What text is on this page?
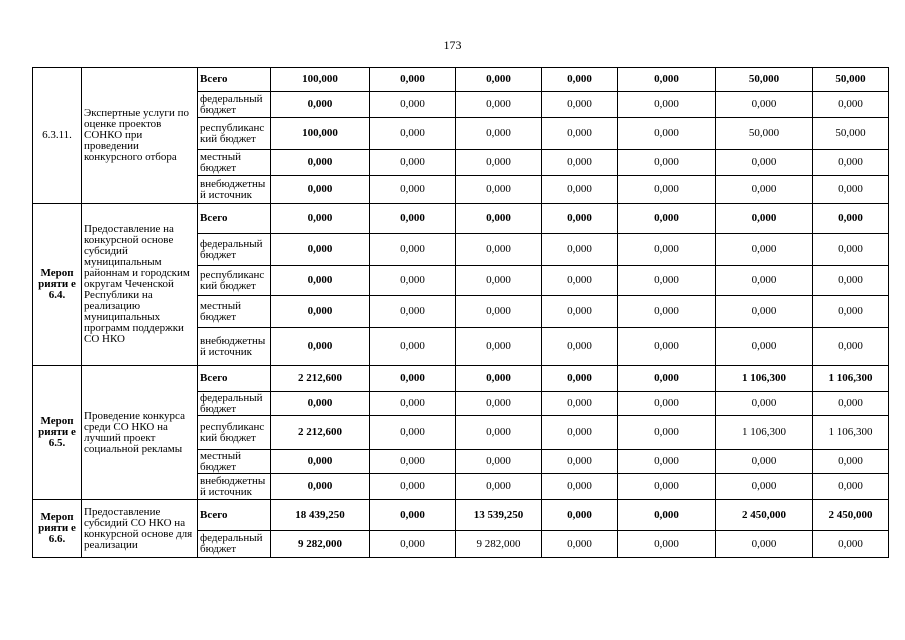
173
6.3.11.	Экспертные услуги по оценке проектов СОНКО при проведении конкурсного отбора	Всего	100,000	0,000	0,000	0,000	0,000	50,000	50,000
		федеральный бюджет	0,000	0,000	0,000	0,000	0,000	0,000	0,000
		республиканс кий бюджет	100,000	0,000	0,000	0,000	0,000	50,000	50,000
		местный бюджет	0,000	0,000	0,000	0,000	0,000	0,000	0,000
		внебюджетны й источник	0,000	0,000	0,000	0,000	0,000	0,000	0,000
Мероп рияти е 6.4.	Предоставление на конкурсной основе субсидий муниципальным районнам и городским округам Чеченской Республики на реализацию муниципальных программ поддержки СО НКО	Всего	0,000	0,000	0,000	0,000	0,000	0,000	0,000
		федеральный бюджет	0,000	0,000	0,000	0,000	0,000	0,000	0,000
		республиканс кий бюджет	0,000	0,000	0,000	0,000	0,000	0,000	0,000
		местный бюджет	0,000	0,000	0,000	0,000	0,000	0,000	0,000
		внебюджетны й источник	0,000	0,000	0,000	0,000	0,000	0,000	0,000
Мероп рияти е 6.5.	Проведение конкурса среди СО НКО на лучший проект социальной рекламы	Всего	2 212,600	0,000	0,000	0,000	0,000	1 106,300	1 106,300
		федеральный бюджет	0,000	0,000	0,000	0,000	0,000	0,000	0,000
		республиканс кий бюджет	2 212,600	0,000	0,000	0,000	0,000	1 106,300	1 106,300
		местный бюджет	0,000	0,000	0,000	0,000	0,000	0,000	0,000
		внебюджетны й источник	0,000	0,000	0,000	0,000	0,000	0,000	0,000
Мероп рияти е 6.6.	Предоставление субсидий СО НКО на конкурсной основе для реализации	Всего	18 439,250	0,000	13 539,250	0,000	0,000	2 450,000	2 450,000
		федеральный бюджет	9 282,000	0,000	9 282,000	0,000	0,000	0,000	0,000
